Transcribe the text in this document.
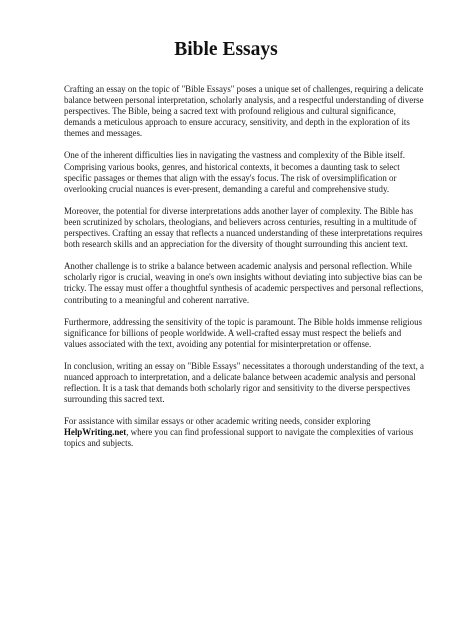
Bible Essays

Crafting an essay on the topic of "Bible Essays" poses a unique set of challenges, requiring a delicate balance between personal interpretation, scholarly analysis, and a respectful understanding of diverse perspectives. The Bible, being a sacred text with profound religious and cultural significance, demands a meticulous approach to ensure accuracy, sensitivity, and depth in the exploration of its themes and messages.

One of the inherent difficulties lies in navigating the vastness and complexity of the Bible itself. Comprising various books, genres, and historical contexts, it becomes a daunting task to select specific passages or themes that align with the essay's focus. The risk of oversimplification or overlooking crucial nuances is ever-present, demanding a careful and comprehensive study.

Moreover, the potential for diverse interpretations adds another layer of complexity. The Bible has been scrutinized by scholars, theologians, and believers across centuries, resulting in a multitude of perspectives. Crafting an essay that reflects a nuanced understanding of these interpretations requires both research skills and an appreciation for the diversity of thought surrounding this ancient text.

Another challenge is to strike a balance between academic analysis and personal reflection. While scholarly rigor is crucial, weaving in one's own insights without deviating into subjective bias can be tricky. The essay must offer a thoughtful synthesis of academic perspectives and personal reflections, contributing to a meaningful and coherent narrative.

Furthermore, addressing the sensitivity of the topic is paramount. The Bible holds immense religious significance for billions of people worldwide. A well-crafted essay must respect the beliefs and values associated with the text, avoiding any potential for misinterpretation or offense.

In conclusion, writing an essay on "Bible Essays" necessitates a thorough understanding of the text, a nuanced approach to interpretation, and a delicate balance between academic analysis and personal reflection. It is a task that demands both scholarly rigor and sensitivity to the diverse perspectives surrounding this sacred text.

For assistance with similar essays or other academic writing needs, consider exploring
HelpWriting.net, where you can find professional support to navigate the complexities of various topics and subjects.
